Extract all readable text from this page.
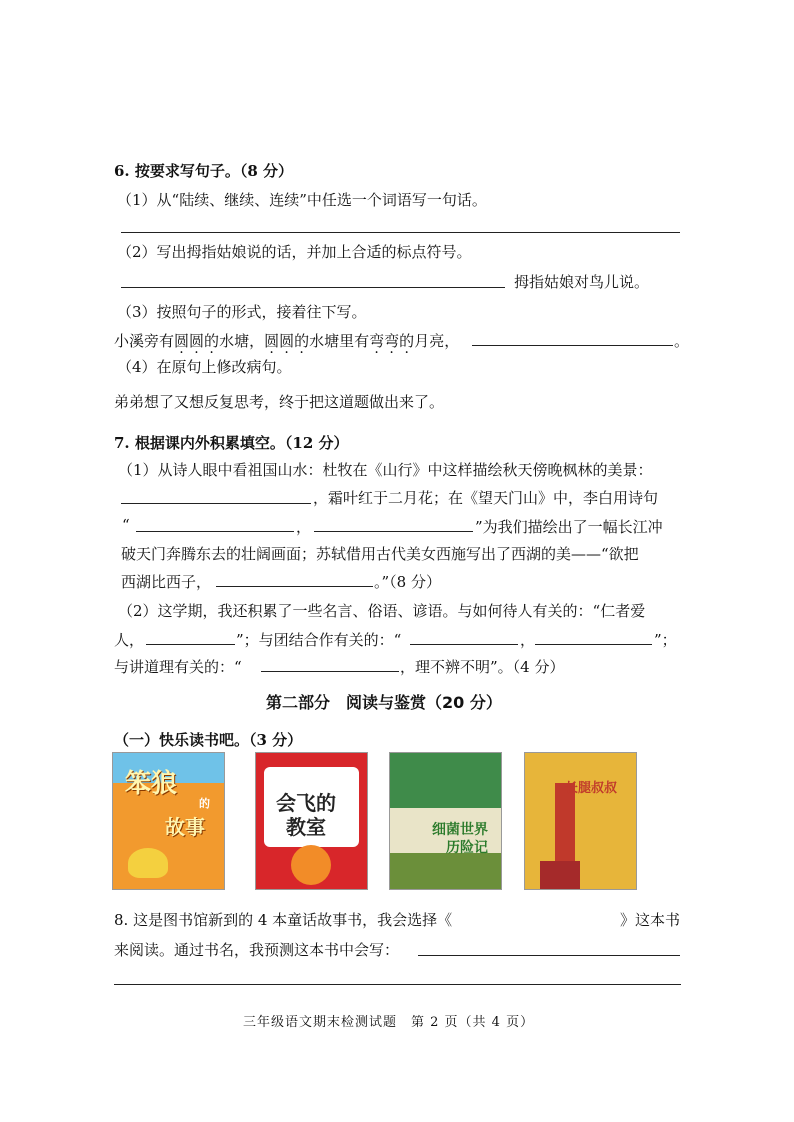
6. 按要求写句子。（8 分）
（1）从“陆续、继续、连续”中任选一个词语写一句话。
（2）写出拇指姑娘说的话，并加上合适的标点符号。
拇指姑娘对鸟儿说。
（3）按照句子的形式，接着往下写。
小溪旁有圆圆的水塘，圆圆的水塘里有弯弯的月亮，	。
（4）在原句上修改病句。
弟弟想了又想反复思考，终于把这道题做出来了。
7. 根据课内外积累填空。（12 分）
（1）从诗人眼中看祖国山水：杜牧在《山行》中这样描绘秋天傍晚枫林的美景：
，霜叶红于二月花；在《望天门山》中，李白用诗句
“	，	”为我们描绘出了一幅长江冲
破天门奔腾东去的壮阔画面；苏轼借用古代美女西施写出了西湖的美——“欲把
西湖比西子，	。”（8 分）
（2）这学期，我还积累了一些名言、俗语、谚语。与如何待人有关的：“仁者爱
人，	”；与团结合作有关的：“	，	”；
与讲道理有关的：“	，理不辨不明”。（4 分）
第二部分　阅读与鉴赏（20 分）
（一）快乐读书吧。（3 分）
笨狼
的
故事
会飞的
教室	细菌世界
历险记
长腿叔叔
8. 这是图书馆新到的 4 本童话故事书，我会选择《	》这本书
来阅读。通过书名，我预测这本书中会写：
三年级语文期末检测试题　第 2 页（共 4 页）
